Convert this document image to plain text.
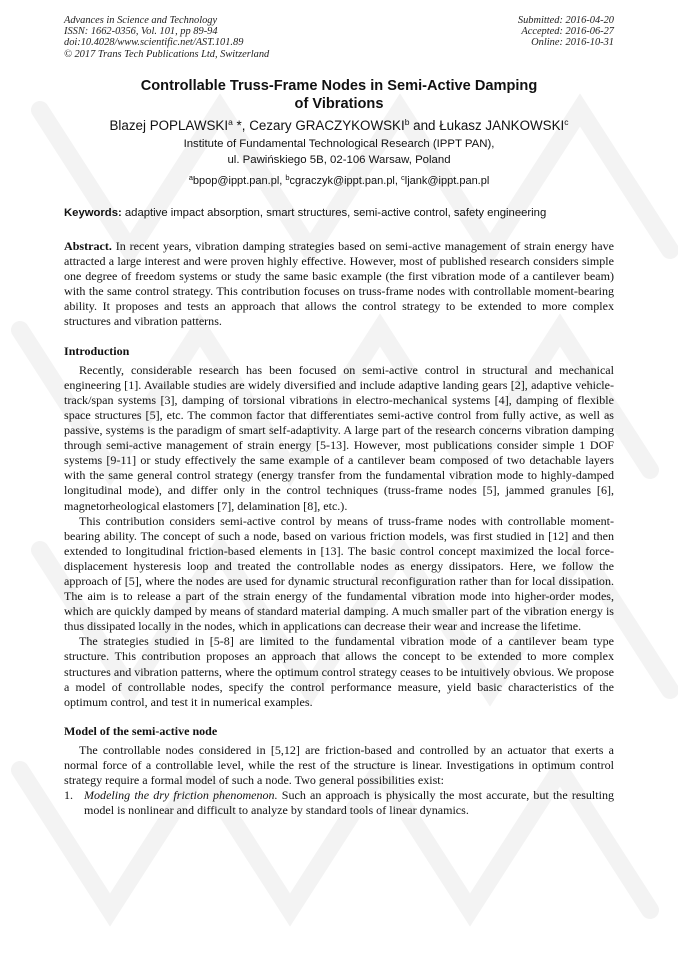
Advances in Science and Technology
ISSN: 1662-0356, Vol. 101, pp 89-94
doi:10.4028/www.scientific.net/AST.101.89
© 2017 Trans Tech Publications Ltd, Switzerland
Submitted: 2016-04-20
Accepted: 2016-06-27
Online: 2016-10-31
Controllable Truss-Frame Nodes in Semi-Active Damping
of Vibrations
Blazej POPLAWSKI$^a$ *, Cezary GRACZYKOWSKI$^b$ and Łukasz JANKOWSKI$^c$
Institute of Fundamental Technological Research (IPPT PAN),
ul. Pawińskiego 5B, 02-106 Warsaw, Poland
$^a$bpop@ippt.pan.pl, $^b$cgraczyk@ippt.pan.pl, $^c$ljank@ippt.pan.pl
Keywords: adaptive impact absorption, smart structures, semi-active control, safety engineering

Abstract. In recent years, vibration damping strategies based on semi-active management of strain energy have attracted a large interest and were proven highly effective. However, most of published research considers simple one degree of freedom systems or study the same basic example (the first vibration mode of a cantilever beam) with the same control strategy. This contribution focuses on truss-frame nodes with controllable moment-bearing ability. It proposes and tests an approach that allows the control strategy to be extended to more complex structures and vibration patterns.

Introduction

Recently, considerable research has been focused on semi-active control in structural and mechanical engineering [1]. Available studies are widely diversified and include adaptive landing gears [2], adaptive vehicle-track/span systems [3], damping of torsional vibrations in electro-mechanical systems [4], damping of flexible space structures [5], etc. The common factor that differentiates semi-active control from fully active, as well as passive, systems is the paradigm of smart self-adaptivity. A large part of the research concerns vibration damping through semi-active management of strain energy [5-13]. However, most publications consider simple 1 DOF systems [9-11] or study effectively the same example of a cantilever beam composed of two detachable layers with the same general control strategy (energy transfer from the fundamental vibration mode to highly-damped longitudinal mode), and differ only in the control techniques (truss-frame nodes [5], jammed granules [6], magnetorheological elastomers [7], delamination [8], etc.).

This contribution considers semi-active control by means of truss-frame nodes with controllable moment-bearing ability. The concept of such a node, based on various friction models, was first studied in [12] and then extended to longitudinal friction-based elements in [13]. The basic control concept maximized the local force-displacement hysteresis loop and treated the controllable nodes as energy dissipators. Here, we follow the approach of [5], where the nodes are used for dynamic structural reconfiguration rather than for local dissipation. The aim is to release a part of the strain energy of the fundamental vibration mode into higher-order modes, which are quickly damped by means of standard material damping. A much smaller part of the vibration energy is thus dissipated locally in the nodes, which in applications can decrease their wear and increase the lifetime.

The strategies studied in [5-8] are limited to the fundamental vibration mode of a cantilever beam type structure. This contribution proposes an approach that allows the concept to be extended to more complex structures and vibration patterns, where the optimum control strategy ceases to be intuitively obvious. We propose a model of controllable nodes, specify the control performance measure, yield basic characteristics of the optimum control, and test it in numerical examples.

Model of the semi-active node

The controllable nodes considered in [5,12] are friction-based and controlled by an actuator that exerts a normal force of a controllable level, while the rest of the structure is linear. Investigations in optimum control strategy require a formal model of such a node. Two general possibilities exist:

1. Modeling the dry friction phenomenon. Such an approach is physically the most accurate, but the resulting model is nonlinear and difficult to analyze by standard tools of linear dynamics.
